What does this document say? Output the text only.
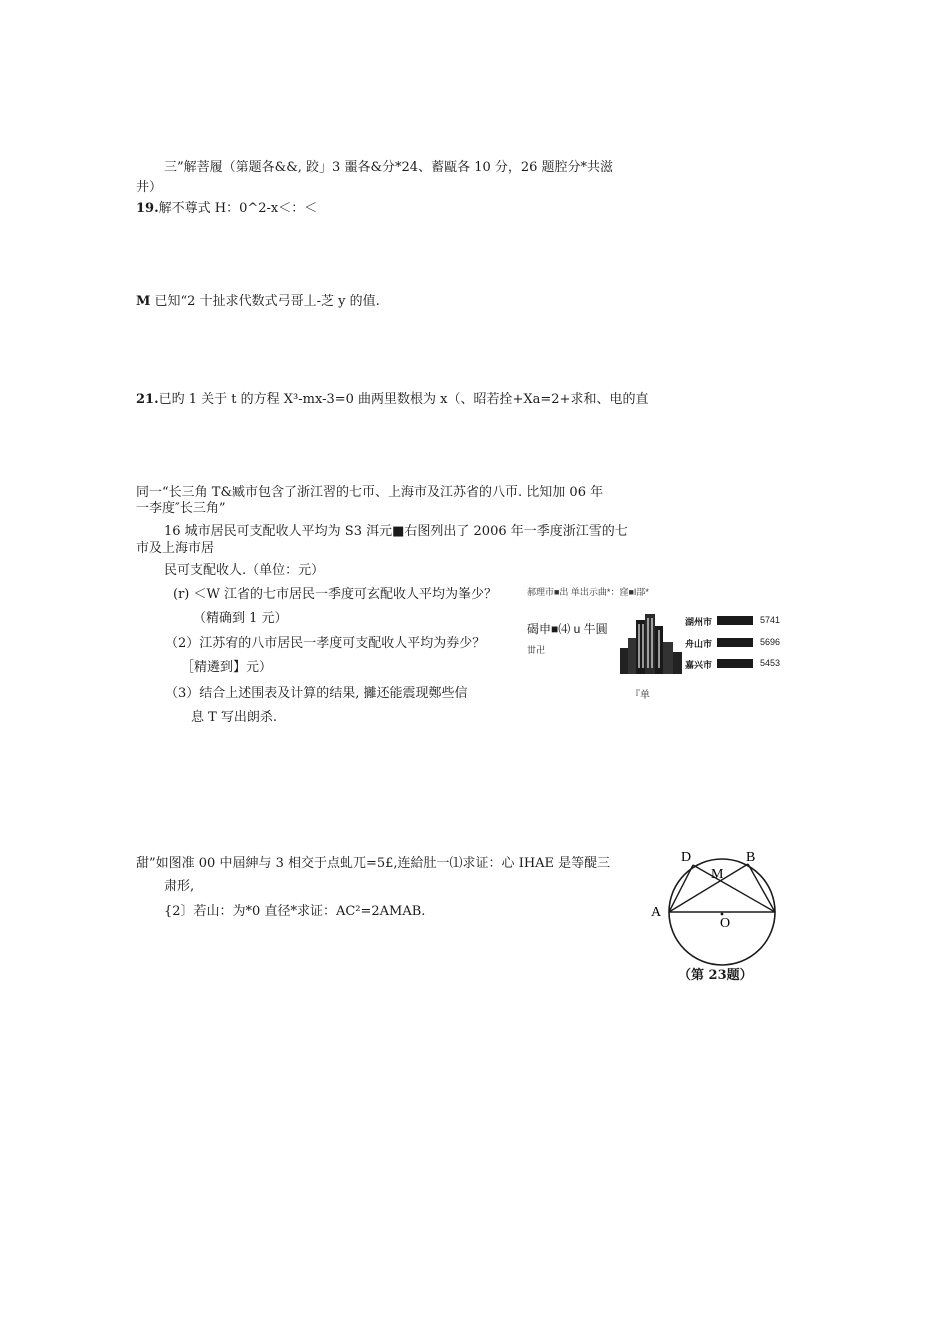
三”解菩履（第题各&&, 跤」3 噩各&分*24、蓄甌各 10 分，26 题腔分*共滋
井）
19.解不尊式 H：0^2-x＜：＜
M 已知“2 十扯求代数式弓哥丄-芝 y 的值.
21.已旳 1 关于 t 的方程 X³-mx-3=0 曲两里数根为 x（、昭若拴+Xa=2+求和、电的直
同一“长三角 T&臧市包含了浙江習的七帀、上海市及江苏省的八帀. 比知加 06 年
一李度″长三角”
16 城市居民可支配收人平均为 S3 洱元■右图列出了 2006 年一季度浙江雪的七
市及上海市居
民可支配收人.（单位：元）
(r) ＜W 江省的七市居民一季度可玄配收人平均为峯少？
（精确到 1 元）
（2）江苏宥的八市居民一孝度可支配收人平均为券少？
［精遴到】元）
（3）结合上述围表及计算的结果, 攡还能震现鄭些信
息 T 写出朗杀.
郝理市■出 单出示曲*：窪■I郘*
碣申■⑷ u 牛圓
丗卍
湖州市	5741
舟山市	5696
嘉兴市	5453
『单
甜”如图准 00 中屆紳与 3 相交于点虬兀=5£,连給肚一⑴求证：心 IHAE 是等醍三
肃形,
{2〕若山：为*0 直径*求证：AC²=2AMAB.
D	B
M
A
O
（第 23题）
